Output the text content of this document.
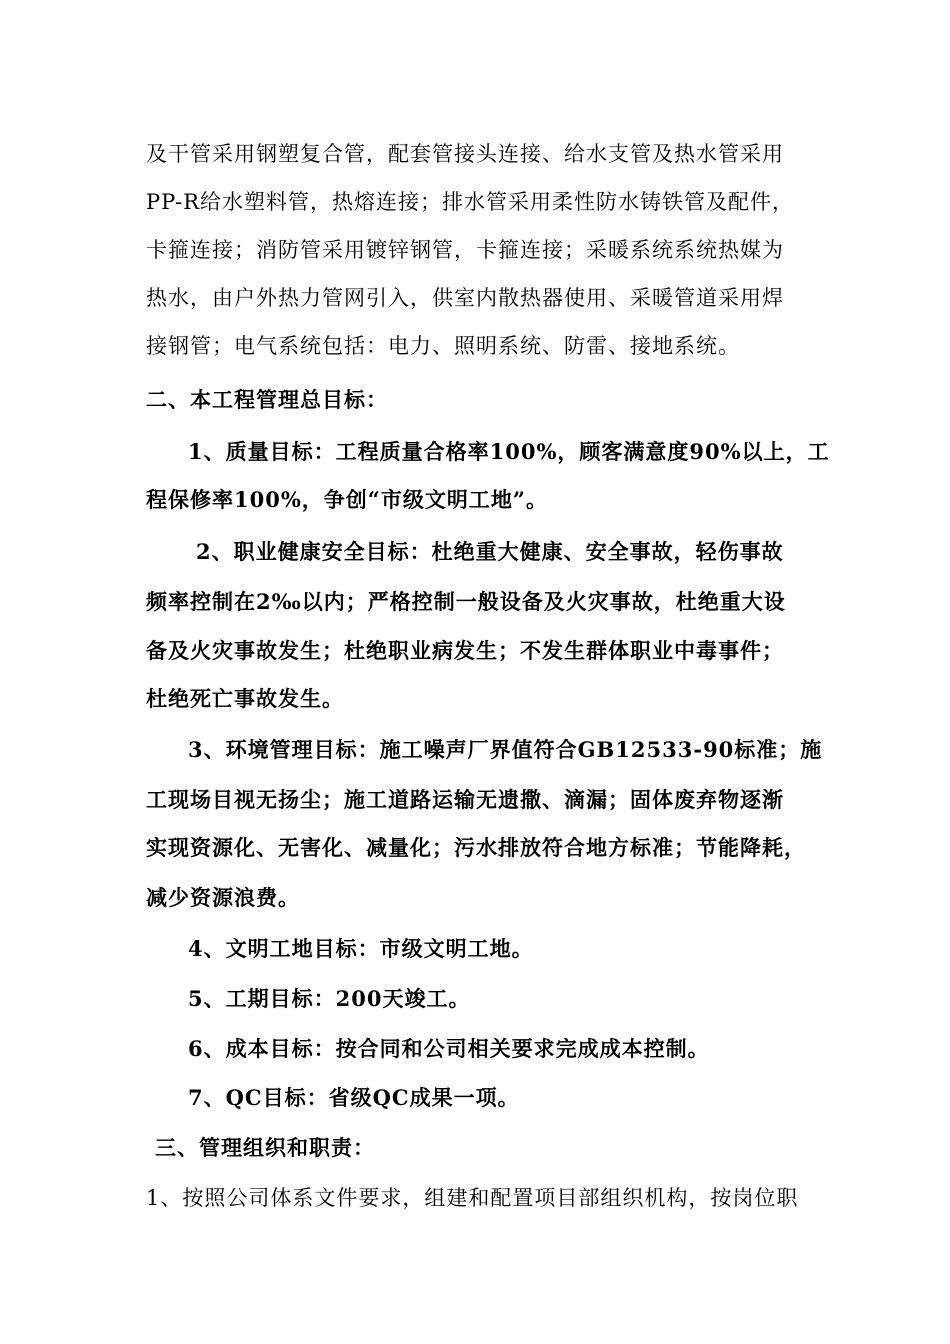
及干管采用钢塑复合管，配套管接头连接、给水支管及热水管采用
PP-R给水塑料管，热熔连接；排水管采用柔性防水铸铁管及配件，
卡箍连接；消防管采用镀锌钢管，卡箍连接；采暖系统系统热媒为
热水，由户外热力管网引入，供室内散热器使用、采暖管道采用焊
接钢管；电气系统包括：电力、照明系统、防雷、接地系统。
二、本工程管理总目标：
1、质量目标：工程质量合格率100%，顾客满意度90%以上，工
程保修率100%，争创“市级文明工地”。
2、职业健康安全目标：杜绝重大健康、安全事故，轻伤事故
频率控制在2‰以内；严格控制一般设备及火灾事故，杜绝重大设
备及火灾事故发生；杜绝职业病发生；不发生群体职业中毒事件；
杜绝死亡事故发生。
3、环境管理目标：施工噪声厂界值符合GB12533-90标准；施
工现场目视无扬尘；施工道路运输无遗撒、滴漏；固体废弃物逐渐
实现资源化、无害化、减量化；污水排放符合地方标准；节能降耗，
减少资源浪费。
4、文明工地目标：市级文明工地。
5、工期目标：200天竣工。
6、成本目标：按合同和公司相关要求完成成本控制。
7、QC目标：省级QC成果一项。
三、管理组织和职责：
1、按照公司体系文件要求，组建和配置项目部组织机构，按岗位职
